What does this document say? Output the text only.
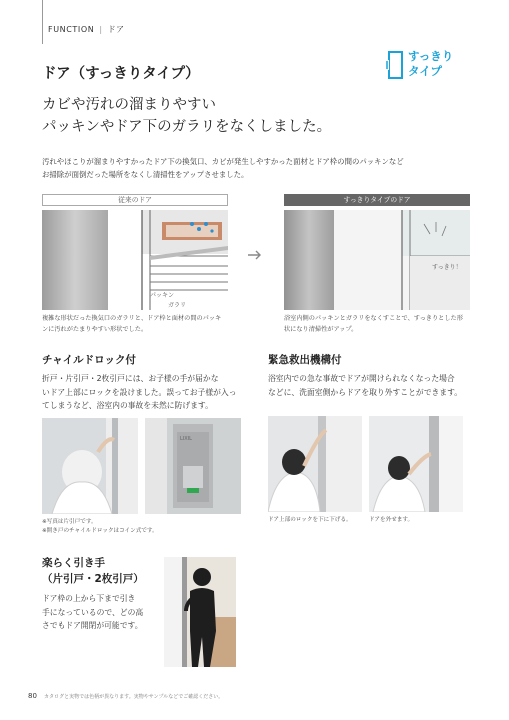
FUNCTION | ドア
すっきり
タイプ
ドア（すっきりタイプ）
カビや汚れの溜まりやすい
パッキンやドア下のガラリをなくしました。
汚れやほこりが溜まりやすかったドア下の換気口、カビが発生しやすかった面材とドア枠の間のパッキンなど
お掃除が面倒だった場所をなくし清掃性をアップさせました。
従来のドア	すっきりタイプのドア
パッキン
ガラリ
すっきり！
複雑な形状だった換気口のガラリと、ドア枠と面材の間のパッキ
ンに汚れがたまりやすい形状でした。
浴室内側のパッキンとガラリをなくすことで、すっきりとした形
状になり清掃性がアップ。
チャイルドロック付
折戸・片引戸・2枚引戸には、お子様の手が届かな
いドア上部にロックを設けました。誤ってお子様が入っ
てしまうなど、浴室内の事故を未然に防げます。
LIXIL
※写真は片引戸です。
※開き戸のチャイルドロックはコイン式です。
緊急救出機構付
浴室内での急な事故でドアが開けられなくなった場合
などに、洗面室側からドアを取り外すことができます。
ドア上部のロックを下に下げる。	ドアを外せます。
楽らく引き手
（片引戸・2枚引戸）
ドア枠の上から下まで引き
手になっているので、どの高
さでもドア開閉が可能です。
80 カタログと実物では色柄が異なります。実物やサンプルなどでご確認ください。
